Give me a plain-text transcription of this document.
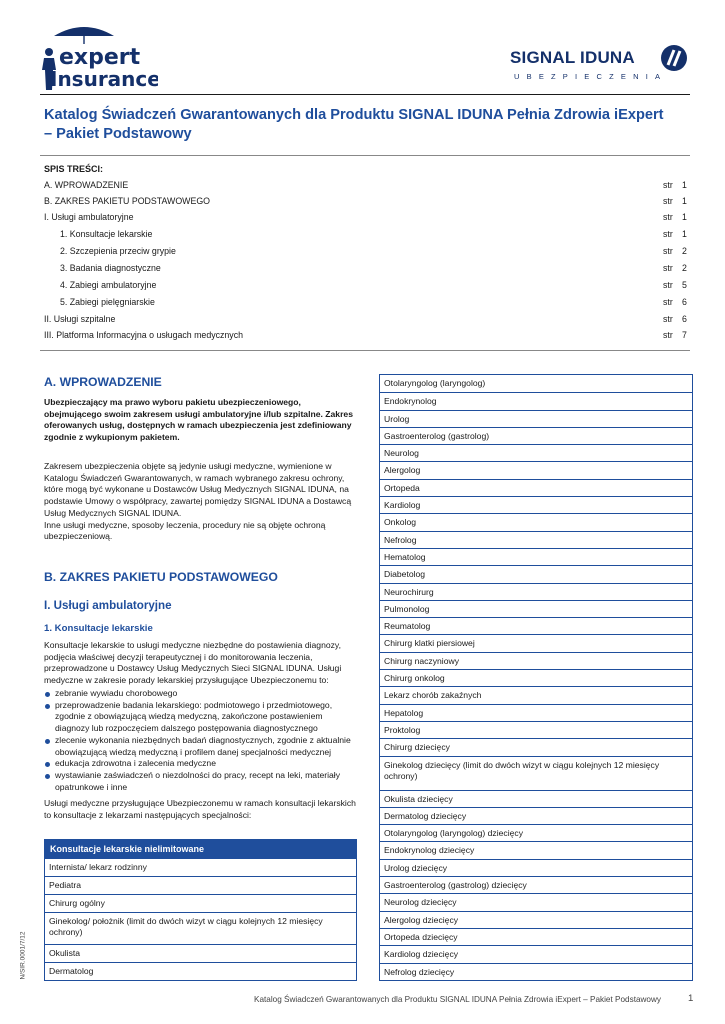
expert
Insurance
SIGNAL IDUNA
UBEZPIECZENIA
Katalog Świadczeń Gwarantowanych dla Produktu SIGNAL IDUNA Pełnia Zdrowia iExpert – Pakiet Podstawowy
SPIS TREŚCI:
A. WPROWADZENIE	str 1
B. ZAKRES PAKIETU PODSTAWOWEGO	str 1
I. Usługi ambulatoryjne	str 1
1. Konsultacje lekarskie	str 1
2. Szczepienia przeciw grypie	str 2
3. Badania diagnostyczne	str 2
4. Zabiegi ambulatoryjne	str 5
5. Zabiegi pielęgniarskie	str 6
II. Usługi szpitalne	str 6
III. Platforma Informacyjna o usługach medycznych	str 7
A. WPROWADZENIE
Ubezpieczający ma prawo wyboru pakietu ubezpieczeniowego, obejmującego swoim zakresem usługi ambulatoryjne i/lub szpitalne. Zakres oferowanych usług, dostępnych w ramach ubezpieczenia jest zdefiniowany zgodnie z wykupionym pakietem.

Zakresem ubezpieczenia objęte są jedynie usługi medyczne, wymienione w Katalogu Świadczeń Gwarantowanych, w ramach wybranego zakresu ochrony, które mogą być wykonane u Dostawców Usług Medycznych SIGNAL IDUNA, na podstawie Umowy o współpracy, zawartej pomiędzy SIGNAL IDUNA a Dostawcą Usług Medycznych SIGNAL IDUNA.

Inne usługi medyczne, sposoby leczenia, procedury nie są objęte ochroną ubezpieczeniową.

B. ZAKRES PAKIETU PODSTAWOWEGO
I. Usługi ambulatoryjne
1. Konsultacje lekarskie
Konsultacje lekarskie to usługi medyczne niezbędne do postawienia diagnozy, podjęcia właściwej decyzji terapeutycznej i do monitorowania leczenia, przeprowadzone u Dostawcy Usług Medycznych Sieci SIGNAL IDUNA. Usługi medyczne w zakresie porady lekarskiej przysługujące Ubezpieczonemu to:
zebranie wywiadu chorobowego
przeprowadzenie badania lekarskiego: podmiotowego i przedmiotowego, zgodnie z obowiązującą wiedzą medyczną, zakończone postawieniem diagnozy lub rozpoczęciem dalszego postępowania diagnostycznego
zlecenie wykonania niezbędnych badań diagnostycznych, zgodnie z aktualnie obowiązującą wiedzą medyczną i profilem danej specjalności medycznej
edukacja zdrowotna i zalecenia medyczne
wystawianie zaświadczeń o niezdolności do pracy, recept na leki, materiały opatrunkowe i inne
Usługi medyczne przysługujące Ubezpieczonemu w ramach konsultacji lekarskich to konsultacje z lekarzami następujących specjalności:
Konsultacje lekarskie nielimitowane
Internista/ lekarz rodzinny
Pediatra
Chirurg ogólny
Ginekolog/ położnik (limit do dwóch wizyt w ciągu kolejnych 12 miesięcy ochrony)
Okulista
Dermatolog
Otolaryngolog (laryngolog)
Endokrynolog
Urolog
Gastroenterolog (gastrolog)
Neurolog
Alergolog
Ortopeda
Kardiolog
Onkolog
Nefrolog
Hematolog
Diabetolog
Neurochirurg
Pulmonolog
Reumatolog
Chirurg klatki piersiowej
Chirurg naczyniowy
Chirurg onkolog
Lekarz chorób zakaźnych
Hepatolog
Proktolog
Chirurg dziecięcy
Ginekolog dziecięcy (limit do dwóch wizyt w ciągu kolejnych 12 miesięcy ochrony)
Okulista dziecięcy
Dermatolog dziecięcy
Otolaryngolog (laryngolog) dziecięcy
Endokrynolog dziecięcy
Urolog dziecięcy
Gastroenterolog (gastrolog) dziecięcy
Neurolog dziecięcy
Alergolog dziecięcy
Ortopeda dziecięcy
Kardiolog dziecięcy
Nefrolog dziecięcy
N/SIR.0001/7/12
Katalog Świadczeń Gwarantowanych dla Produktu SIGNAL IDUNA Pełnia Zdrowia iExpert – Pakiet Podstawowy	1
